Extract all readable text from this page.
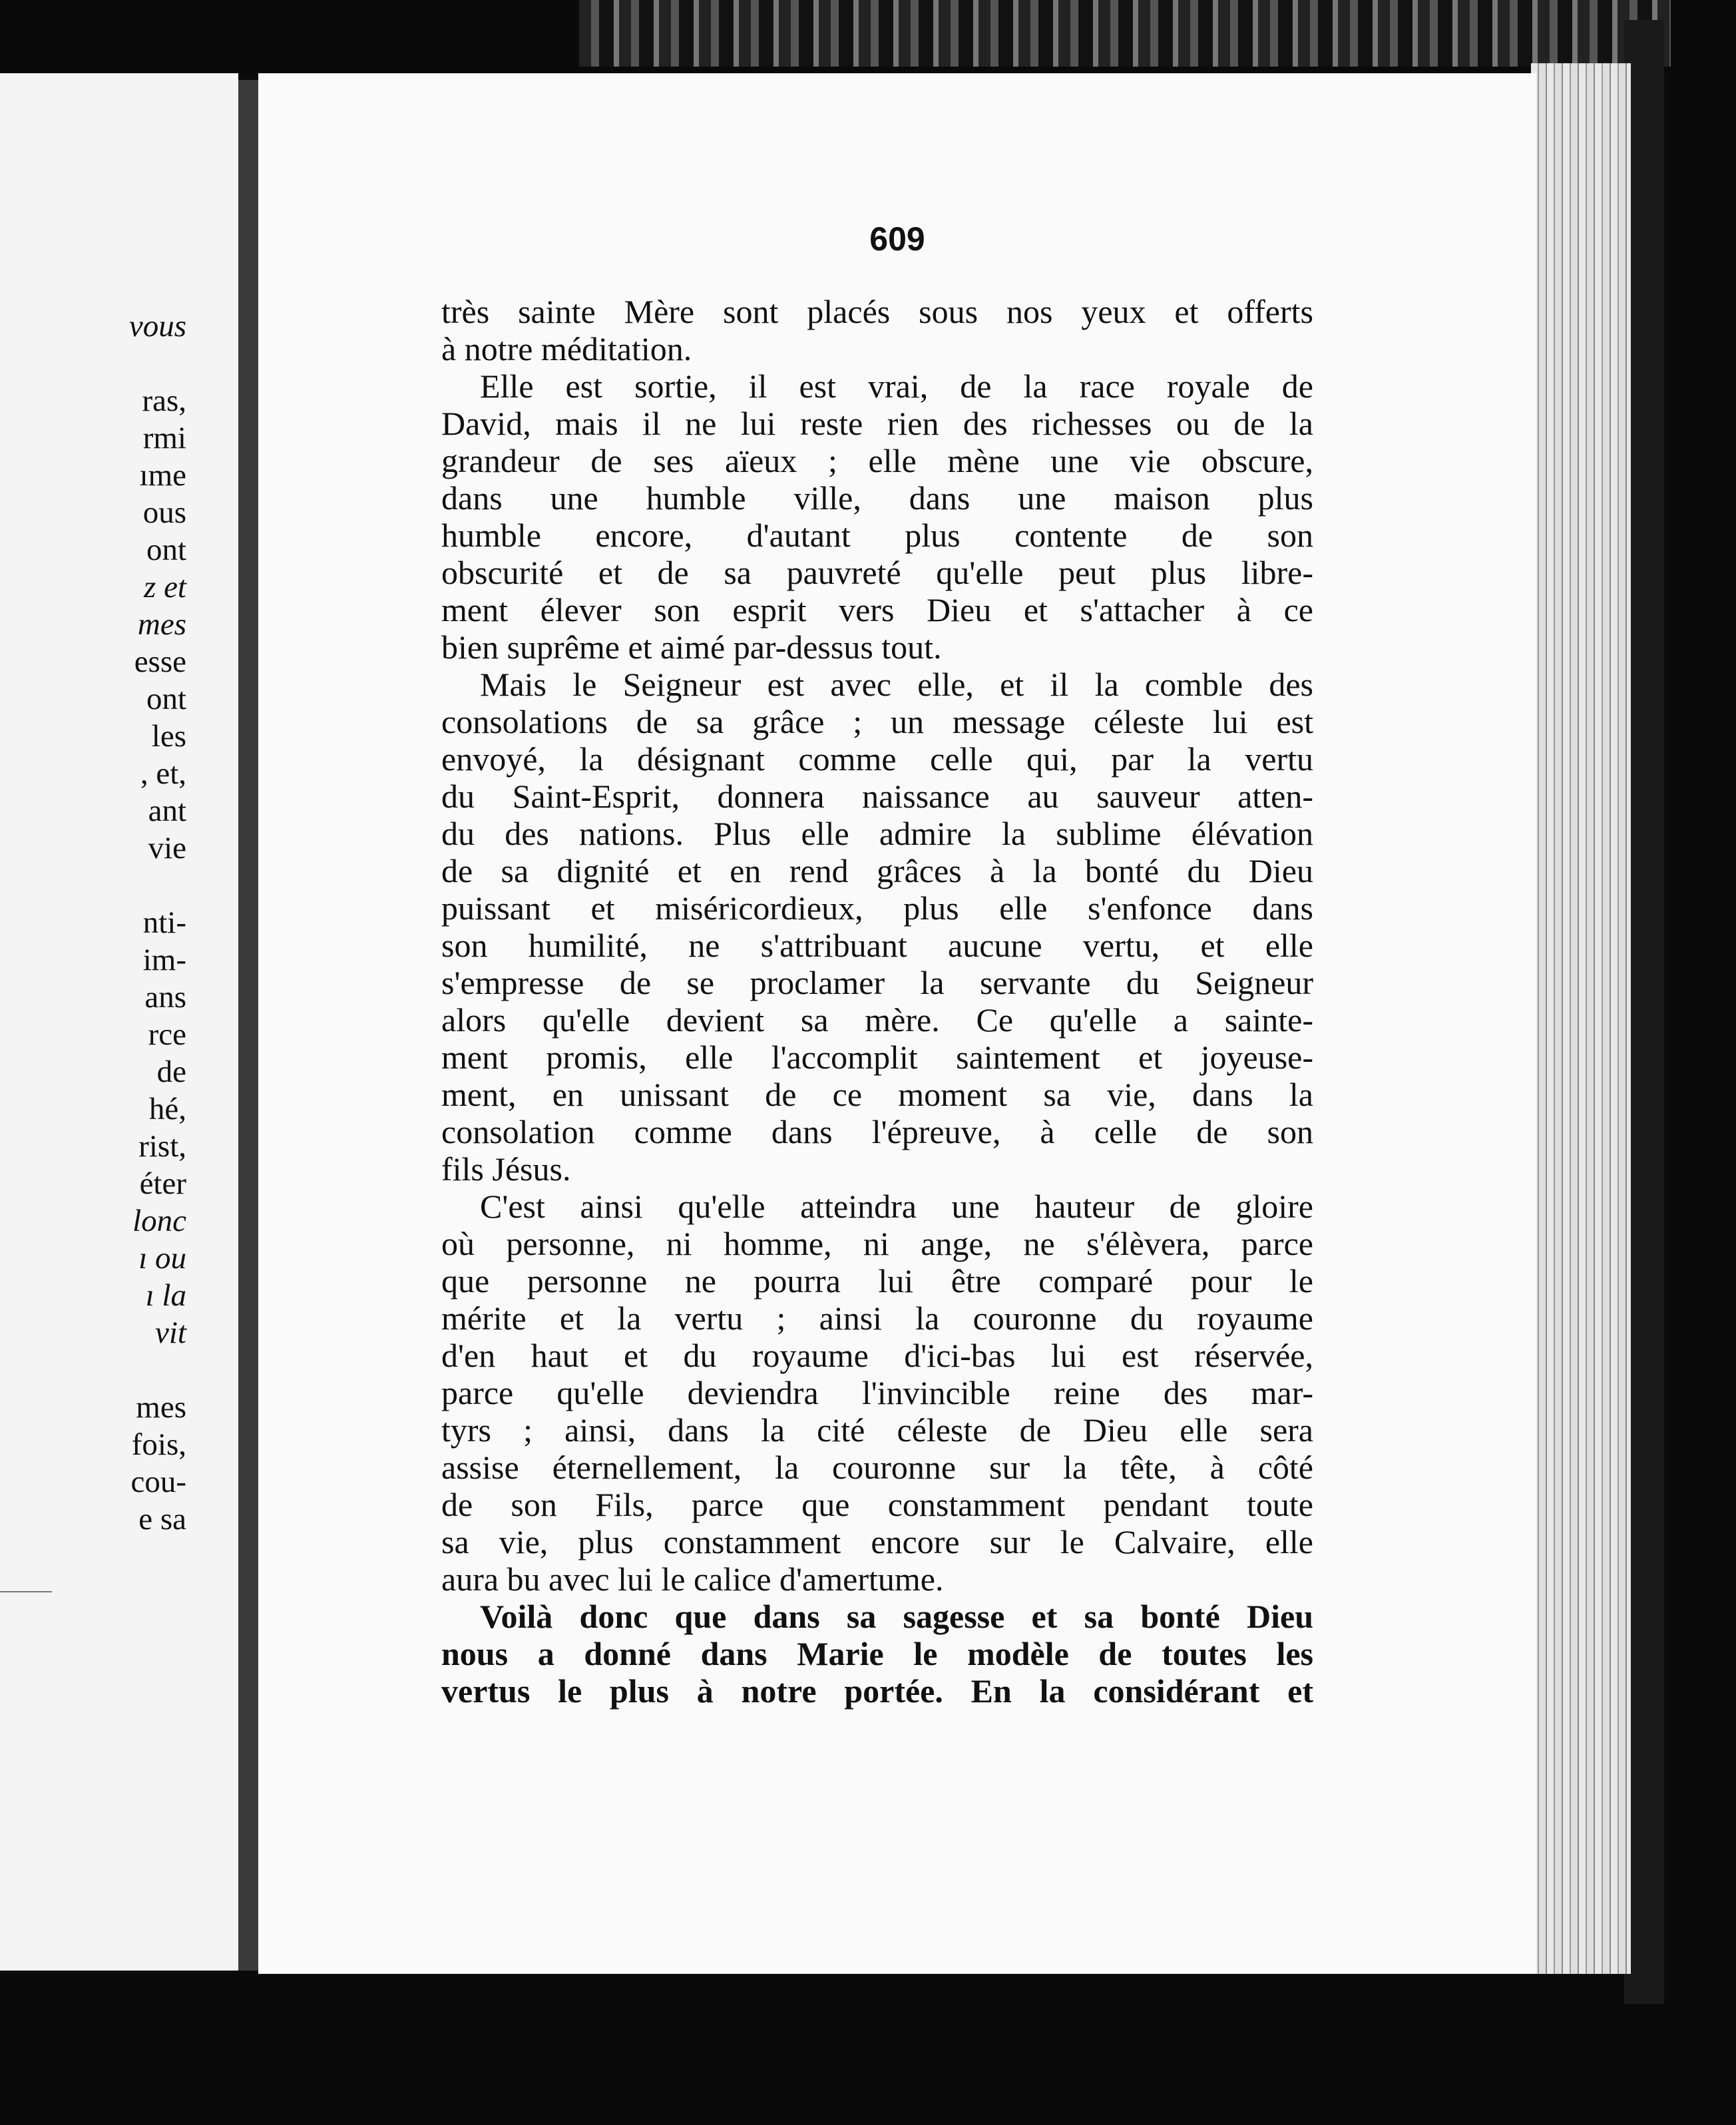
vous
ras,
rmi
ıme
ous
ont
z et
mes
esse
ont
les
, et,
ant
vie
nti-
im-
ans
rce
de
hé,
rist,
éter
lonc
ı ou
ı la
vit
mes
fois,
cou-
e sa
609
très sainte Mère sont placés sous nos yeux et offerts
à notre méditation.
Elle est sortie, il est vrai, de la race royale de
David, mais il ne lui reste rien des richesses ou de la
grandeur de ses aïeux ; elle mène une vie obscure,
dans une humble ville, dans une maison plus
humble encore, d'autant plus contente de son
obscurité et de sa pauvreté qu'elle peut plus libre-
ment élever son esprit vers Dieu et s'attacher à ce
bien suprême et aimé par-dessus tout.
Mais le Seigneur est avec elle, et il la comble des
consolations de sa grâce ; un message céleste lui est
envoyé, la désignant comme celle qui, par la vertu
du Saint-Esprit, donnera naissance au sauveur atten-
du des nations. Plus elle admire la sublime élévation
de sa dignité et en rend grâces à la bonté du Dieu
puissant et miséricordieux, plus elle s'enfonce dans
son humilité, ne s'attribuant aucune vertu, et elle
s'empresse de se proclamer la servante du Seigneur
alors qu'elle devient sa mère. Ce qu'elle a sainte-
ment promis, elle l'accomplit saintement et joyeuse-
ment, en unissant de ce moment sa vie, dans la
consolation comme dans l'épreuve, à celle de son
fils Jésus.
C'est ainsi qu'elle atteindra une hauteur de gloire
où personne, ni homme, ni ange, ne s'élèvera, parce
que personne ne pourra lui être comparé pour le
mérite et la vertu ; ainsi la couronne du royaume
d'en haut et du royaume d'ici-bas lui est réservée,
parce qu'elle deviendra l'invincible reine des mar-
tyrs ; ainsi, dans la cité céleste de Dieu elle sera
assise éternellement, la couronne sur la tête, à côté
de son Fils, parce que constamment pendant toute
sa vie, plus constamment encore sur le Calvaire, elle
aura bu avec lui le calice d'amertume.
Voilà donc que dans sa sagesse et sa bonté Dieu
nous a donné dans Marie le modèle de toutes les
vertus le plus à notre portée. En la considérant et
